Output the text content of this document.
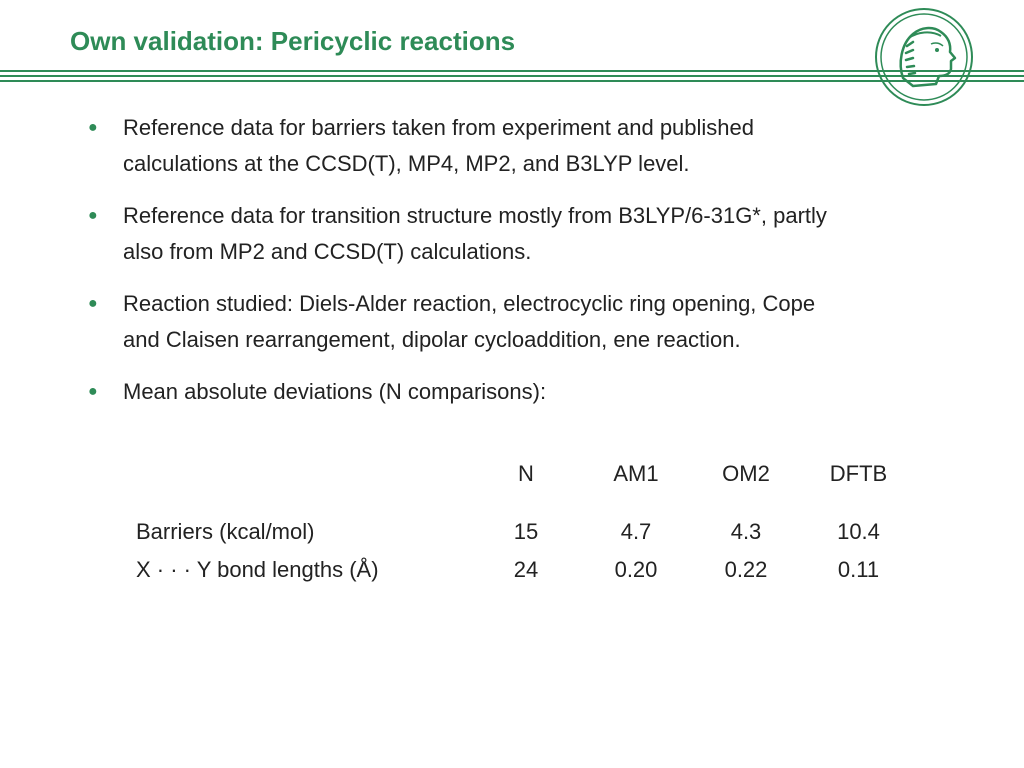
Own validation: Pericyclic reactions
● Reference data for barriers taken from experiment and published
calculations at the CCSD(T), MP4, MP2, and B3LYP level.
● Reference data for transition structure mostly from B3LYP/6-31G*, partly
also from MP2 and CCSD(T) calculations.
● Reaction studied: Diels-Alder reaction, electrocyclic ring opening, Cope
and Claisen rearrangement, dipolar cycloaddition, ene reaction.
● Mean absolute deviations (N comparisons):
	N	AM1	OM2	DFTB

Barriers (kcal/mol)	15	4.7	4.3	10.4
X · · · Y bond lengths (Å)	24	0.20	0.22	0.11
